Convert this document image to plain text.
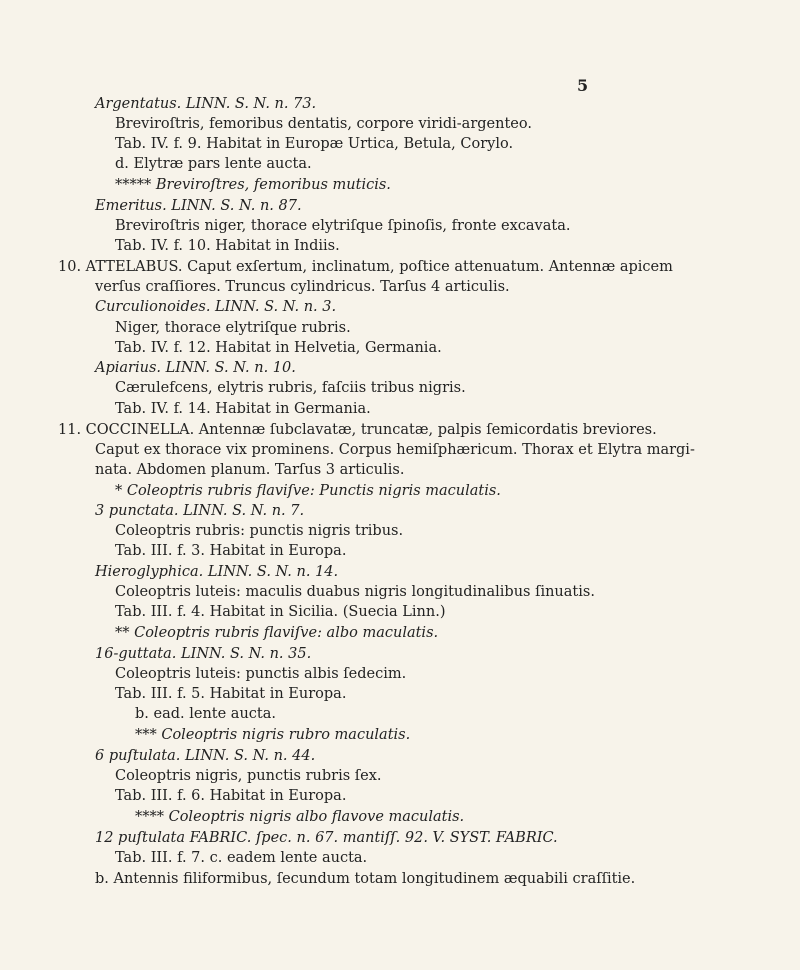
5
Argentatus. LINN. S. N. n. 73.
Breviroſtris, femoribus dentatis, corpore viridi-argenteo.
Tab. IV. f. 9. Habitat in Europæ Urtica, Betula, Corylo.
d. Elytræ pars lente aucta.
***** Breviroſtres, femoribus muticis.
Emeritus. LINN. S. N. n. 87.
Breviroſtris niger, thorace elytriſque ſpinoſis, fronte excavata.
Tab. IV. f. 10. Habitat in Indiis.
10. ATTELABUS. Caput exſertum, inclinatum, poſtice attenuatum. Antennæ apicem
verſus craſſiores. Truncus cylindricus. Tarſus 4 articulis.
Curculionoides. LINN. S. N. n. 3.
Niger, thorace elytriſque rubris.
Tab. IV. f. 12. Habitat in Helvetia, Germania.
Apiarius. LINN. S. N. n. 10.
Cærulefcens, elytris rubris, faſciis tribus nigris.
Tab. IV. f. 14. Habitat in Germania.
11. COCCINELLA. Antennæ ſubclavatæ, truncatæ, palpis ſemicordatis breviores.
Caput ex thorace vix prominens. Corpus hemiſphæricum. Thorax et Elytra margi-
nata. Abdomen planum. Tarſus 3 articulis.
* Coleoptris rubris flaviſve: Punctis nigris maculatis.
3 punctata. LINN. S. N. n. 7.
Coleoptris rubris: punctis nigris tribus.
Tab. III. f. 3. Habitat in Europa.
Hieroglyphica. LINN. S. N. n. 14.
Coleoptris luteis: maculis duabus nigris longitudinalibus ſinuatis.
Tab. III. f. 4. Habitat in Sicilia. (Suecia Linn.)
** Coleoptris rubris flaviſve: albo maculatis.
16-guttata. LINN. S. N. n. 35.
Coleoptris luteis: punctis albis ſedecim.
Tab. III. f. 5. Habitat in Europa.
b. ead. lente aucta.
*** Coleoptris nigris rubro maculatis.
6 puſtulata. LINN. S. N. n. 44.
Coleoptris nigris, punctis rubris ſex.
Tab. III. f. 6. Habitat in Europa.
**** Coleoptris nigris albo flavove maculatis.
12 puſtulata FABRIC. ſpec. n. 67. mantiſſ. 92. V. SYST. FABRIC.
Tab. III. f. 7. c. eadem lente aucta.
b. Antennis filiformibus, ſecundum totam longitudinem æquabili craſſitie.
